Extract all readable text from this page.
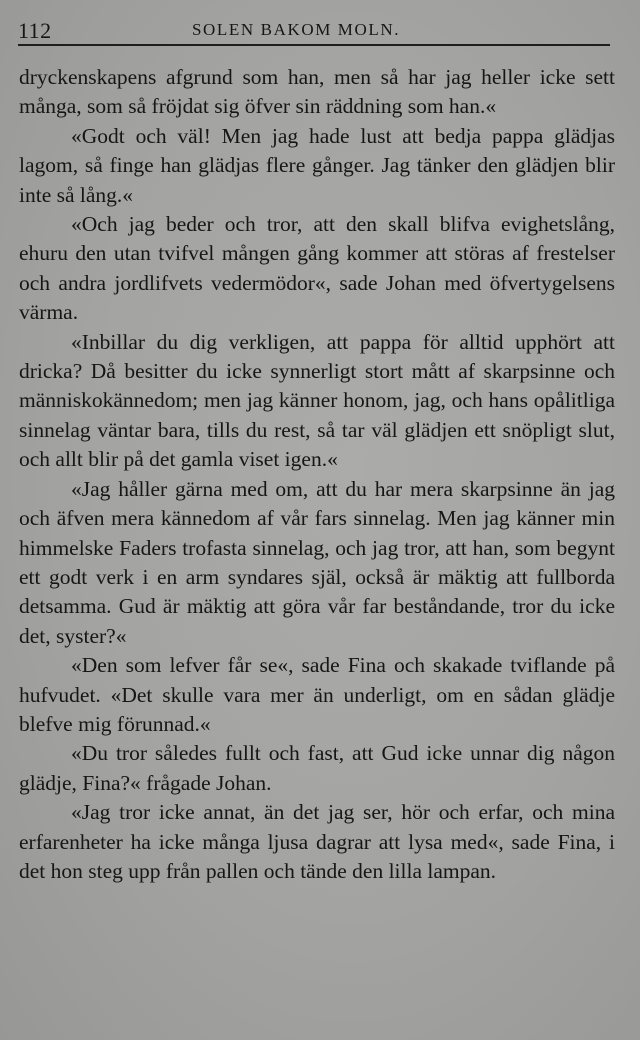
112	SOLEN BAKOM MOLN.

dryckenskapens afgrund som han, men så har jag heller icke sett många, som så fröjdat sig öfver sin räddning som han.«

«Godt och väl! Men jag hade lust att bedja pappa glädjas lagom, så finge han glädjas flere gånger. Jag tänker den glädjen blir inte så lång.«

«Och jag beder och tror, att den skall blifva evighetslång, ehuru den utan tvifvel mången gång kommer att störas af frestelser och andra jordlifvets vedermödor«, sade Johan med öfvertygelsens värma.

«Inbillar du dig verkligen, att pappa för alltid upphört att dricka? Då besitter du icke synnerligt stort mått af skarpsinne och människokännedom; men jag känner honom, jag, och hans opålitliga sinnelag väntar bara, tills du rest, så tar väl glädjen ett snöpligt slut, och allt blir på det gamla viset igen.«

«Jag håller gärna med om, att du har mera skarpsinne än jag och äfven mera kännedom af vår fars sinnelag. Men jag känner min himmelske Faders trofasta sinnelag, och jag tror, att han, som begynt ett godt verk i en arm syndares själ, också är mäktig att fullborda detsamma. Gud är mäktig att göra vår far beståndande, tror du icke det, syster?«

«Den som lefver får se«, sade Fina och skakade tviflande på hufvudet. «Det skulle vara mer än underligt, om en sådan glädje blefve mig förunnad.«

«Du tror således fullt och fast, att Gud icke unnar dig någon glädje, Fina?« frågade Johan.

«Jag tror icke annat, än det jag ser, hör och erfar, och mina erfarenheter ha icke många ljusa dagrar att lysa med«, sade Fina, i det hon steg upp från pallen och tände den lilla lampan.
